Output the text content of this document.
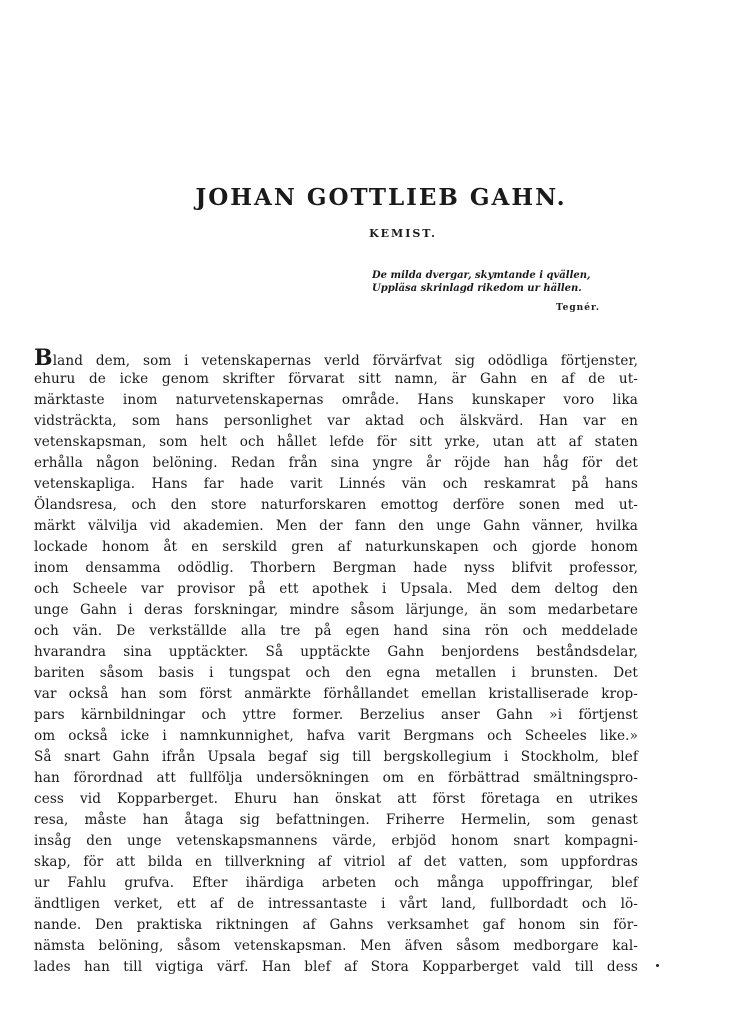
JOHAN GOTTLIEB GAHN.
KEMIST.
De milda dvergar, skymtande i qvällen,
Uppläsa skrinlagd rikedom ur hällen.
Tegnér.
Bland dem, som i vetenskapernas verld förvärfvat sig odödliga förtjenster,
ehuru de icke genom skrifter förvarat sitt namn, är Gahn en af de ut-
märktaste inom naturvetenskapernas område. Hans kunskaper voro lika
vidsträckta, som hans personlighet var aktad och älskvärd. Han var en
vetenskapsman, som helt och hållet lefde för sitt yrke, utan att af staten
erhålla någon belöning. Redan från sina yngre år röjde han håg för det
vetenskapliga. Hans far hade varit Linnés vän och reskamrat på hans
Ölandsresa, och den store naturforskaren emottog derföre sonen med ut-
märkt välvilja vid akademien. Men der fann den unge Gahn vänner, hvilka
lockade honom åt en serskild gren af naturkunskapen och gjorde honom
inom densamma odödlig. Thorbern Bergman hade nyss blifvit professor,
och Scheele var provisor på ett apothek i Upsala. Med dem deltog den
unge Gahn i deras forskningar, mindre såsom lärjunge, än som medarbetare
och vän. De verkställde alla tre på egen hand sina rön och meddelade
hvarandra sina upptäckter. Så upptäckte Gahn benjordens beståndsdelar,
bariten såsom basis i tungspat och den egna metallen i brunsten. Det
var också han som först anmärkte förhållandet emellan kristalliserade krop-
pars kärnbildningar och yttre former. Berzelius anser Gahn »i förtjenst
om också icke i namnkunnighet, hafva varit Bergmans och Scheeles like.»
Så snart Gahn ifrån Upsala begaf sig till bergskollegium i Stockholm, blef
han förordnad att fullfölja undersökningen om en förbättrad smältningspro-
cess vid Kopparberget. Ehuru han önskat att först företaga en utrikes
resa, måste han åtaga sig befattningen. Friherre Hermelin, som genast
insåg den unge vetenskapsmannens värde, erbjöd honom snart kompagni-
skap, för att bilda en tillverkning af vitriol af det vatten, som uppfordras
ur Fahlu grufva. Efter ihärdiga arbeten och många uppoffringar, blef
ändtligen verket, ett af de intressantaste i vårt land, fullbordadt och lö-
nande. Den praktiska riktningen af Gahns verksamhet gaf honom sin för-
nämsta belöning, såsom vetenskapsman. Men äfven såsom medborgare kal-
lades han till vigtiga värf. Han blef af Stora Kopparberget vald till dess
